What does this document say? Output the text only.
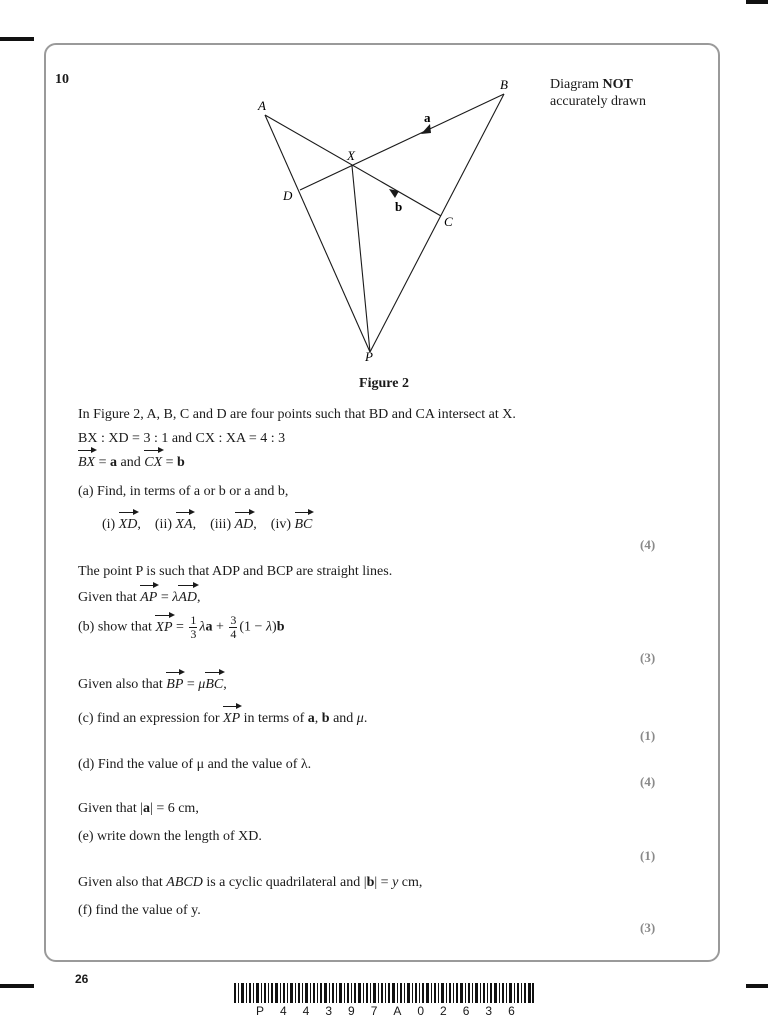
10	Diagram NOT
accurately drawn
A
B
X
D
C
P
a
b
Figure 2
In Figure 2, A, B, C and D are four points such that BD and CA intersect at X.
BX : XD = 3 : 1 and CX : XA = 4 : 3
BX = a and CX = b
(a) Find, in terms of a or b or a and b,
(i) XD,    (ii) XA,    (iii) AD,    (iv) BC
(4)
The point P is such that ADP and BCP are straight lines.
Given that AP = λAD,
(b) show that XP = $\frac{1}{3}$ $\lambda a + \frac{3}{4} (1 - \lambda)b$
(3)
Given also that BP = μBC,
(c) find an expression for XP in terms of a, b and μ.
(1)
(d) Find the value of μ and the value of λ.
(4)
Given that |a| = 6 cm,
(e) write down the length of XD.
(1)
Given also that ABCD is a cyclic quadrilateral and |b| = y cm,
(f) find the value of y.
(3)
26
P44397A02636
